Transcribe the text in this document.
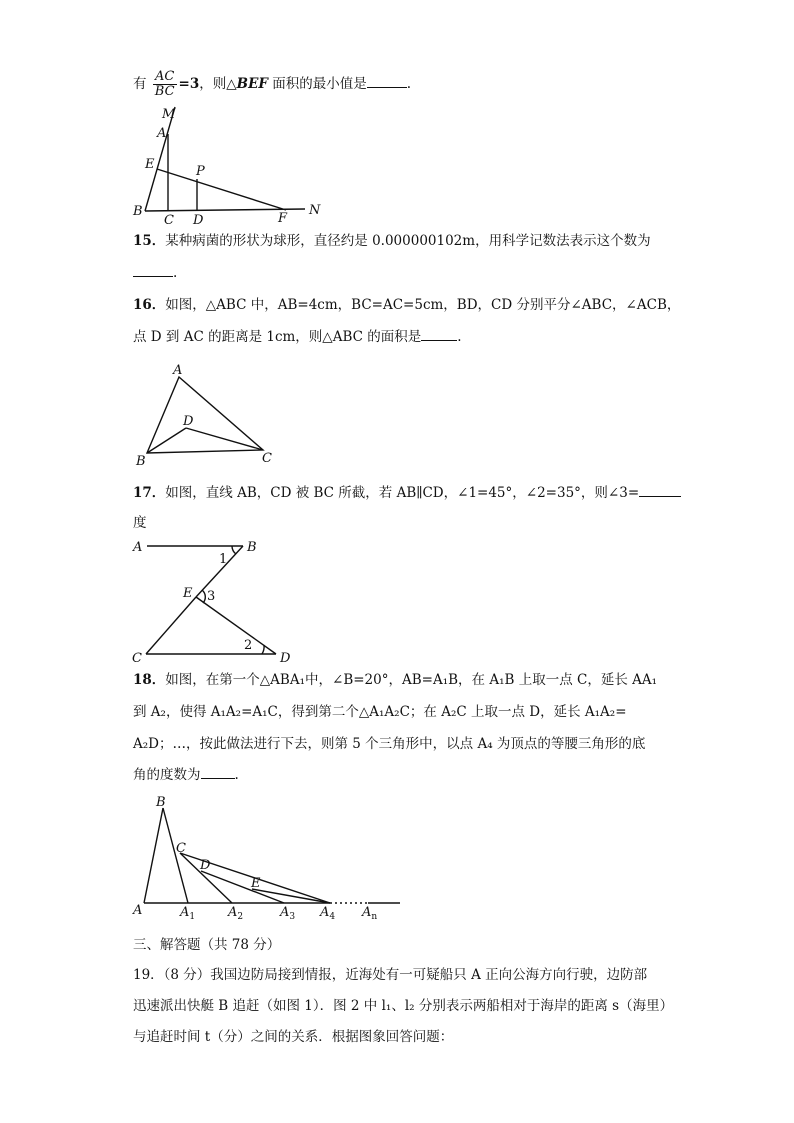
有 $\frac{AC}{BC} =3$，则△BEF 面积的最小值是	.
M
A
E	P
B
C D	F
N
15．某种病菌的形状为球形，直径约是 0.000000102m，用科学记数法表示这个数为
.
16．如图，△ABC 中，AB=4cm，BC=AC=5cm，BD，CD 分别平分∠ABC，∠ACB，
点 D 到 AC 的距离是 1cm，则△ABC 的面积是	.
A
B	C
D
17．如图，直线 AB，CD 被 BC 所截，若 AB∥CD，∠1=45°，∠2=35°，则∠3=
度
A	B
C	D
E
1
3
2
18．如图，在第一个△ABA₁中，∠B=20°，AB=A₁B，在 A₁B 上取一点 C，延长 AA₁
到 A₂，使得 A₁A₂=A₁C，得到第二个△A₁A₂C；在 A₂C 上取一点 D，延长 A₁A₂=
A₂D；…，按此做法进行下去，则第 5 个三角形中，以点 A₄ 为顶点的等腰三角形的底
角的度数为	.
B
C
D
E
A	$A_1$	$A_2$	$A_3$ $A_4$ $A_n$
三、解答题（共 78 分）
19．（8 分）我国边防局接到情报，近海处有一可疑船只 A 正向公海方向行驶，边防部
迅速派出快艇 B 追赶（如图 1）．图 2 中 l₁、l₂ 分别表示两船相对于海岸的距离 s（海里）
与追赶时间 t（分）之间的关系．根据图象回答问题：
